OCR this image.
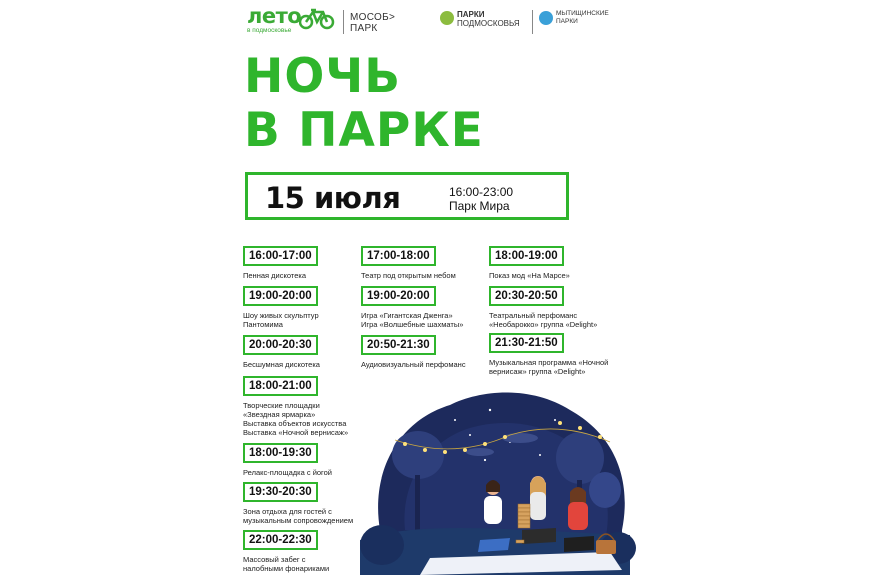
лето
в подмосковье
МОСОБ>
ПАРК
ПАРКИ
ПОДМОСКОВЬЯ
МЫТИЩИНСКИЕ
ПАРКИ
НОЧЬ
В ПАРКЕ
15 июля	16:00-23:00
Парк Мира
16:00-17:00
Пенная дискотека
19:00-20:00
Шоу живых скульптур
Пантомима
20:00-20:30
Бесшумная дискотека
18:00-21:00
Творческие площадки
«Звездная ярмарка»
Выставка объектов искусства
Выставка «Ночной вернисаж»
18:00-19:30
Релакс-площадка с йогой
19:30-20:30
Зона отдыха для гостей с
музыкальным сопровождением
22:00-22:30
Массовый забег с
налобными фонариками
17:00-18:00
Театр под открытым небом
19:00-20:00
Игра «Гигантская Дженга»
Игра «Волшебные шахматы»
20:50-21:30
Аудиовизуальный перфоманс
18:00-19:00
Показ мод «На Марсе»
20:30-20:50
Театральный перфоманс
«Необарокко» группа «Delight»
21:30-21:50
Музыкальная программа «Ночной
вернисаж» группа «Delight»
